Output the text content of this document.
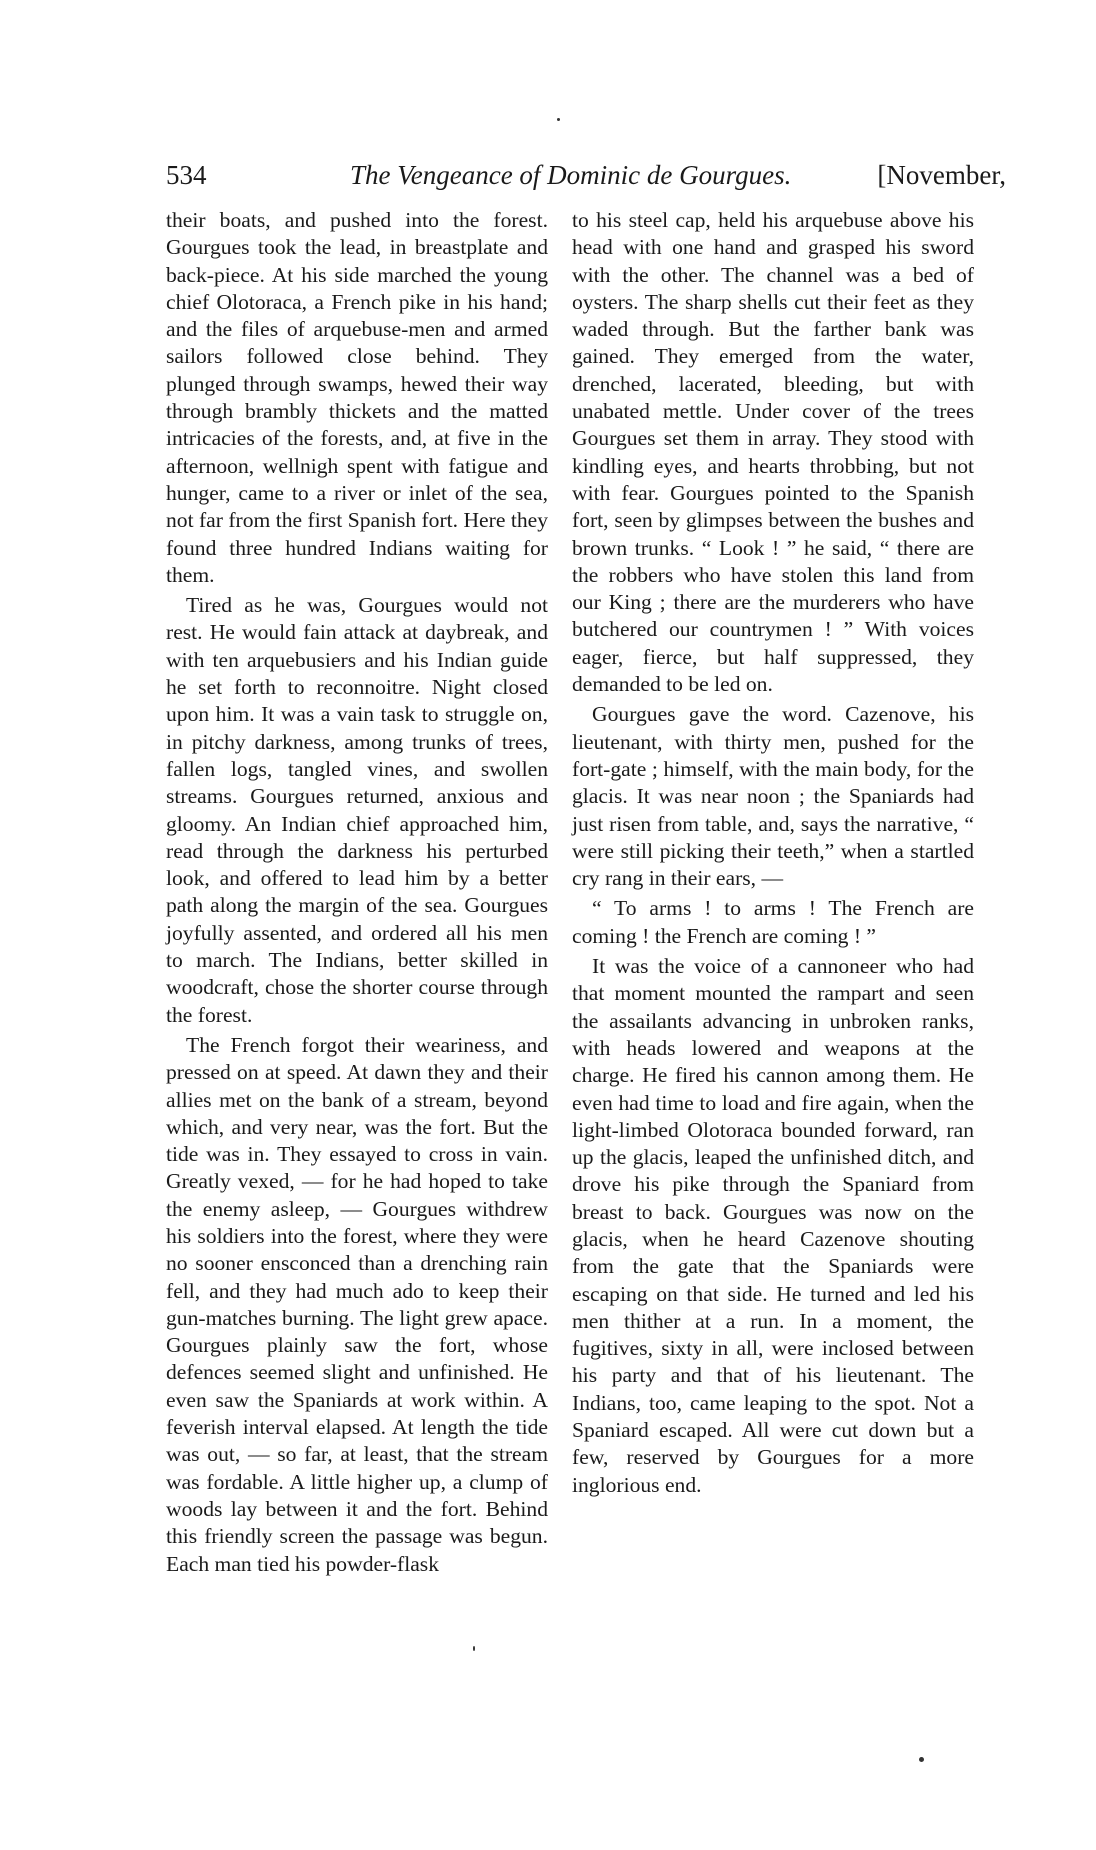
534	The Vengeance of Dominic de Gourgues.	[November,

their boats, and pushed into the forest. Gourgues took the lead, in breastplate and back-piece. At his side marched the young chief Olotoraca, a French pike in his hand; and the files of arquebuse-men and armed sailors followed close behind. They plunged through swamps, hewed their way through brambly thickets and the matted intricacies of the forests, and, at five in the afternoon, wellnigh spent with fatigue and hunger, came to a river or inlet of the sea, not far from the first Spanish fort. Here they found three hundred Indians waiting for them.

Tired as he was, Gourgues would not rest. He would fain attack at daybreak, and with ten arquebusiers and his Indian guide he set forth to reconnoitre. Night closed upon him. It was a vain task to struggle on, in pitchy darkness, among trunks of trees, fallen logs, tangled vines, and swollen streams. Gourgues returned, anxious and gloomy. An Indian chief approached him, read through the darkness his perturbed look, and offered to lead him by a better path along the margin of the sea. Gourgues joyfully assented, and ordered all his men to march. The Indians, better skilled in woodcraft, chose the shorter course through the forest.

The French forgot their weariness, and pressed on at speed. At dawn they and their allies met on the bank of a stream, beyond which, and very near, was the fort. But the tide was in. They essayed to cross in vain. Greatly vexed, — for he had hoped to take the enemy asleep, — Gourgues withdrew his soldiers into the forest, where they were no sooner ensconced than a drenching rain fell, and they had much ado to keep their gun-matches burning. The light grew apace. Gourgues plainly saw the fort, whose defences seemed slight and unfinished. He even saw the Spaniards at work within. A feverish interval elapsed. At length the tide was out, — so far, at least, that the stream was fordable. A little higher up, a clump of woods lay between it and the fort. Behind this friendly screen the passage was begun. Each man tied his powder-flask

to his steel cap, held his arquebuse above his head with one hand and grasped his sword with the other. The channel was a bed of oysters. The sharp shells cut their feet as they waded through. But the farther bank was gained. They emerged from the water, drenched, lacerated, bleeding, but with unabated mettle. Under cover of the trees Gourgues set them in array. They stood with kindling eyes, and hearts throbbing, but not with fear. Gourgues pointed to the Spanish fort, seen by glimpses between the bushes and brown trunks. “ Look ! ” he said, “ there are the robbers who have stolen this land from our King ; there are the murderers who have butchered our countrymen ! ” With voices eager, fierce, but half suppressed, they demanded to be led on.

Gourgues gave the word. Cazenove, his lieutenant, with thirty men, pushed for the fort-gate ; himself, with the main body, for the glacis. It was near noon ; the Spaniards had just risen from table, and, says the narrative, “ were still picking their teeth,” when a startled cry rang in their ears, —

“ To arms ! to arms ! The French are coming ! the French are coming ! ”

It was the voice of a cannoneer who had that moment mounted the rampart and seen the assailants advancing in unbroken ranks, with heads lowered and weapons at the charge. He fired his cannon among them. He even had time to load and fire again, when the light-limbed Olotoraca bounded forward, ran up the glacis, leaped the unfinished ditch, and drove his pike through the Spaniard from breast to back. Gourgues was now on the glacis, when he heard Cazenove shouting from the gate that the Spaniards were escaping on that side. He turned and led his men thither at a run. In a moment, the fugitives, sixty in all, were inclosed between his party and that of his lieutenant. The Indians, too, came leaping to the spot. Not a Spaniard escaped. All were cut down but a few, reserved by Gourgues for a more inglorious end.
